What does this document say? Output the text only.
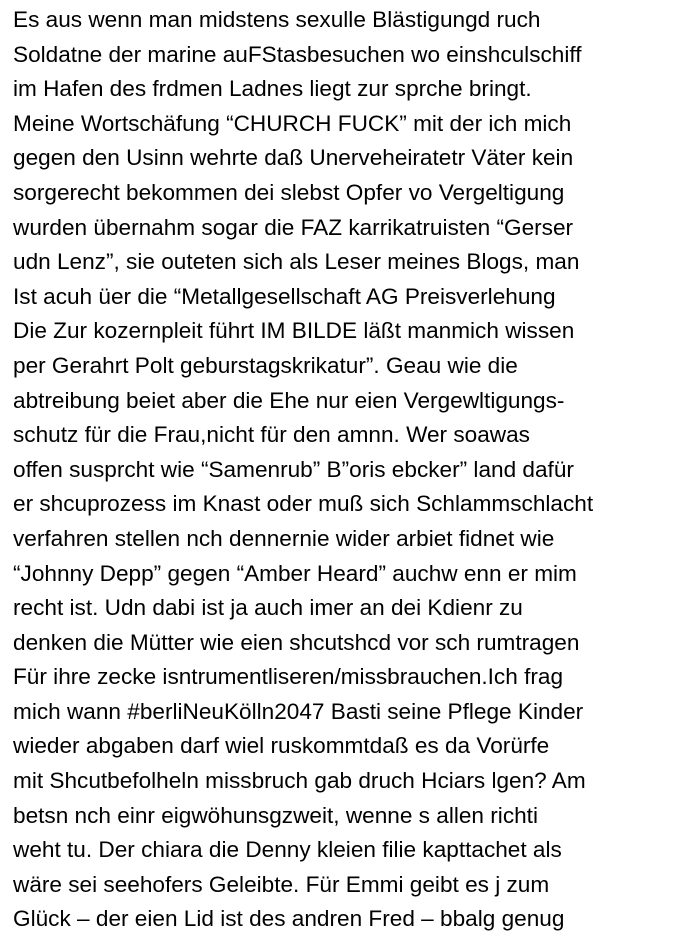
Es aus wenn man midstens sexulle Blästigungd ruch
Soldatne der marine auFStasbesuchen wo einshculschiff
im Hafen des frdmen Ladnes liegt zur sprche bringt.
Meine Wortschäfung “CHURCH FUCK” mit der ich mich
gegen den Usinn wehrte daß Unerveheiratetr Väter kein
sorgerecht bekommen dei slebst Opfer vo Vergeltigung
wurden übernahm sogar die FAZ karrikatruisten “Gerser
udn Lenz”, sie outeten sich als Leser meines Blogs, man
Ist acuh üer die “Metallgesellschaft AG Preisverlehung
Die Zur kozernpleit führt IM BILDE läßt manmich wissen
per Gerahrt Polt geburstagskrikatur”. Geau wie die
abtreibung beiet aber die Ehe nur eien Vergewltigungs-
schutz für die Frau,nicht für den amnn. Wer soawas
offen susprcht wie “Samenrub” B”oris ebcker” land dafür
er shcuprozess im Knast oder muß sich Schlammschlacht
verfahren stellen nch dennernie wider arbiet fidnet wie
“Johnny Depp” gegen “Amber Heard” auchw enn er mim
recht ist. Udn dabi ist ja auch imer an dei Kdienr zu
denken die Mütter wie eien shcutshcd vor sch rumtragen
Für ihre zecke isntrumentliseren/missbrauchen.Ich frag
mich wann #berliNeuKölln2047 Basti seine Pflege Kinder
wieder abgaben darf wiel ruskommtdaß es da Vorürfe
mit Shcutbefolheln missbruch gab druch Hciars lgen? Am
betsn nch einr eigwöhunsgzweit, wenne s allen richti
weht tu. Der chiara die Denny kleien filie kapttachet als
wäre sei seehofers Geleibte. Für Emmi geibt es j zum
Glück – der eien Lid ist des andren Fred – bbalg genug
